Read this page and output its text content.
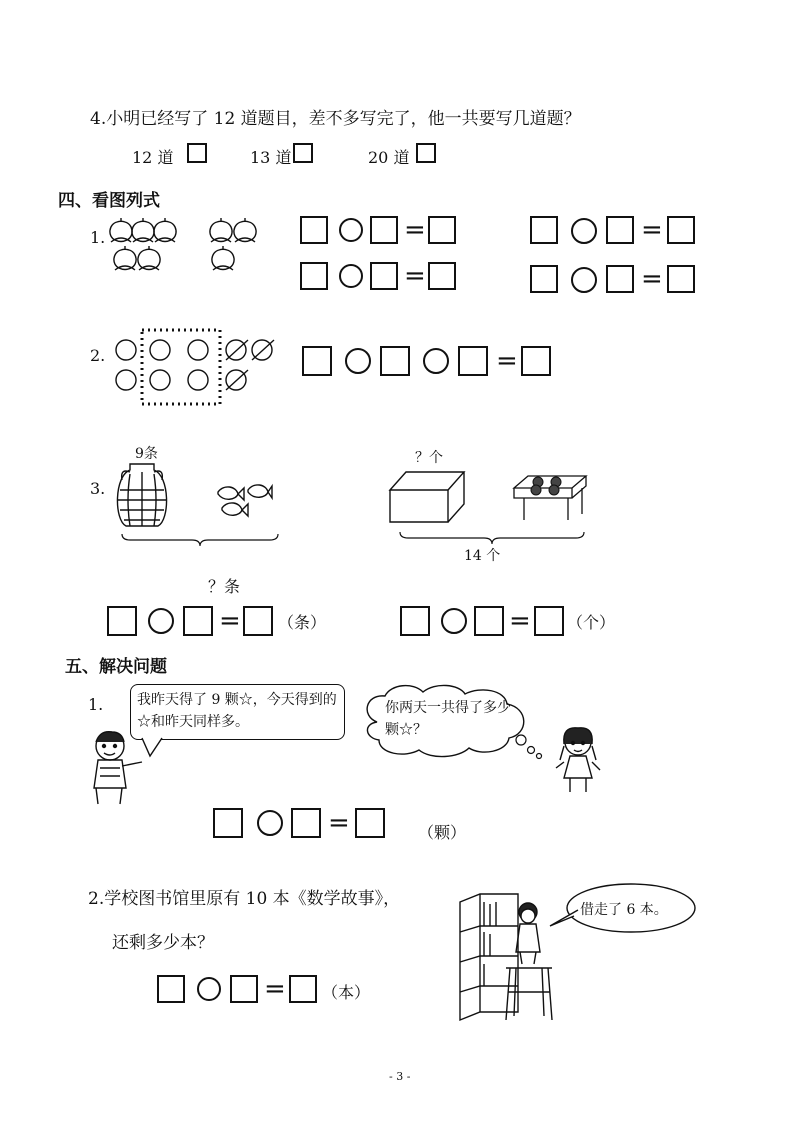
4.小明已经写了 12 道题目，差不多写完了，他一共要写几道题？
12 道	13 道	20 道
四、看图列式
1.	=	=
=	=
2.	=
3.
9条
？条
= （条）
？个
14 个
= （个）
五、解决问题
1.	我昨天得了 9 颗☆，今天得到的☆和昨天同样多。
你两天一共得了多少颗☆？
=	（颗）
2.学校图书馆里原有 10 本《数学故事》，
还剩多少本？
借走了 6 本。
= （本）
- 3 -
